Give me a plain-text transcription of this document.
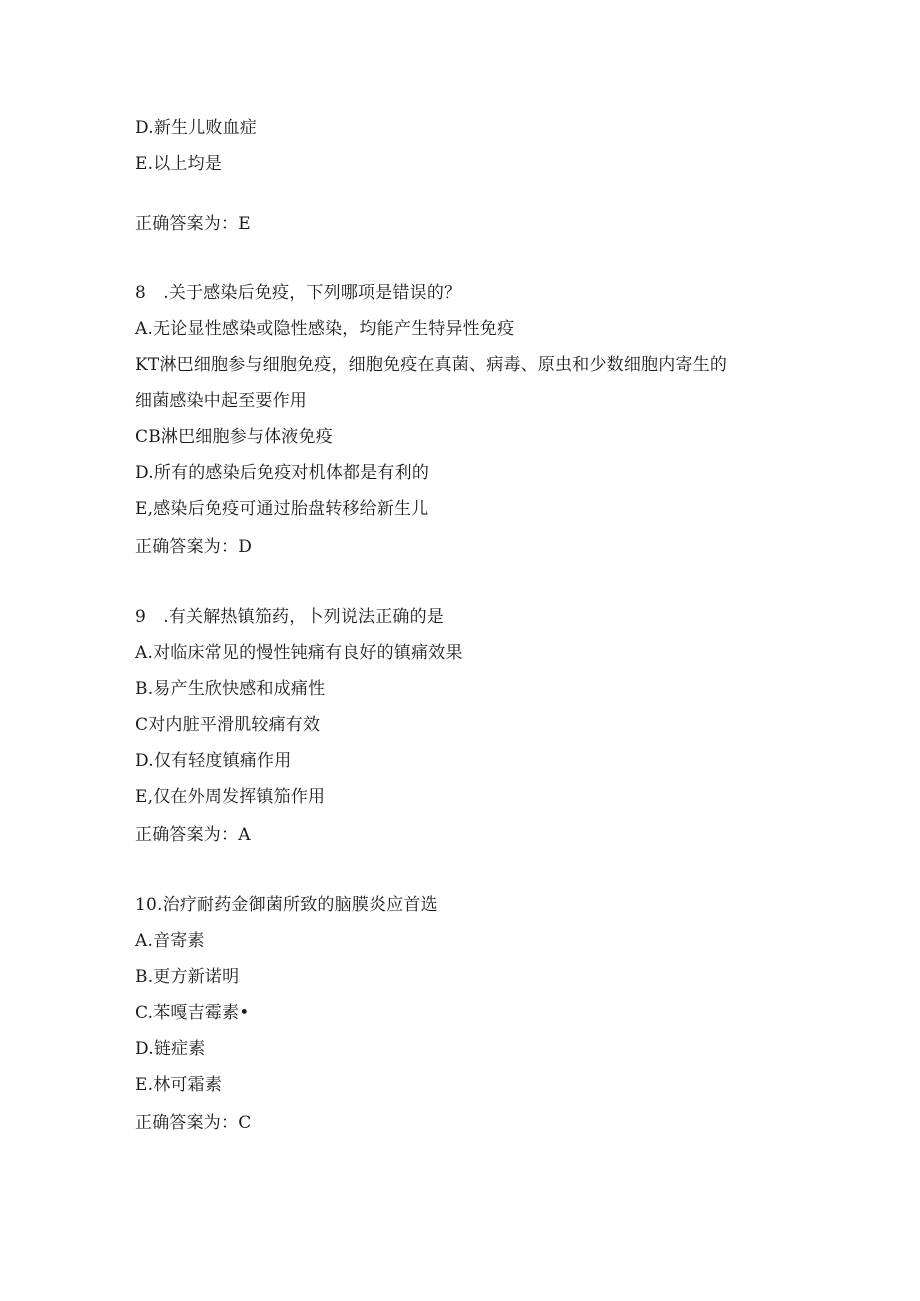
D.新生儿败血症
E.以上均是
正确答案为：E
8　.关于感染后免疫，下列哪项是错误的？
A.无论显性感染或隐性感染，均能产生特异性免疫
KT淋巴细胞参与细胞免疫，细胞免疫在真菌、病毒、原虫和少数细胞内寄生的
细菌感染中起至要作用
CB淋巴细胞参与体液免疫
D.所有的感染后免疫对机体都是有利的
E,感染后免疫可通过胎盘转移给新生儿
正确答案为：D
9　.有关解热镇笳药，卜列说法正确的是
A.对临床常见的慢性钝痛有良好的镇痛效果
B.易产生欣快感和成痛性
C对内脏平滑肌较痛有效
D.仅有轻度镇痛作用
E,仅在外周发挥镇笳作用
正确答案为：A
10.治疗耐药金御菌所致的脑膜炎应首选
A.音寄素
B.更方新诺明
C.苯嘎吉霉素•
D.链症素
E.林可霜素
正确答案为：C
